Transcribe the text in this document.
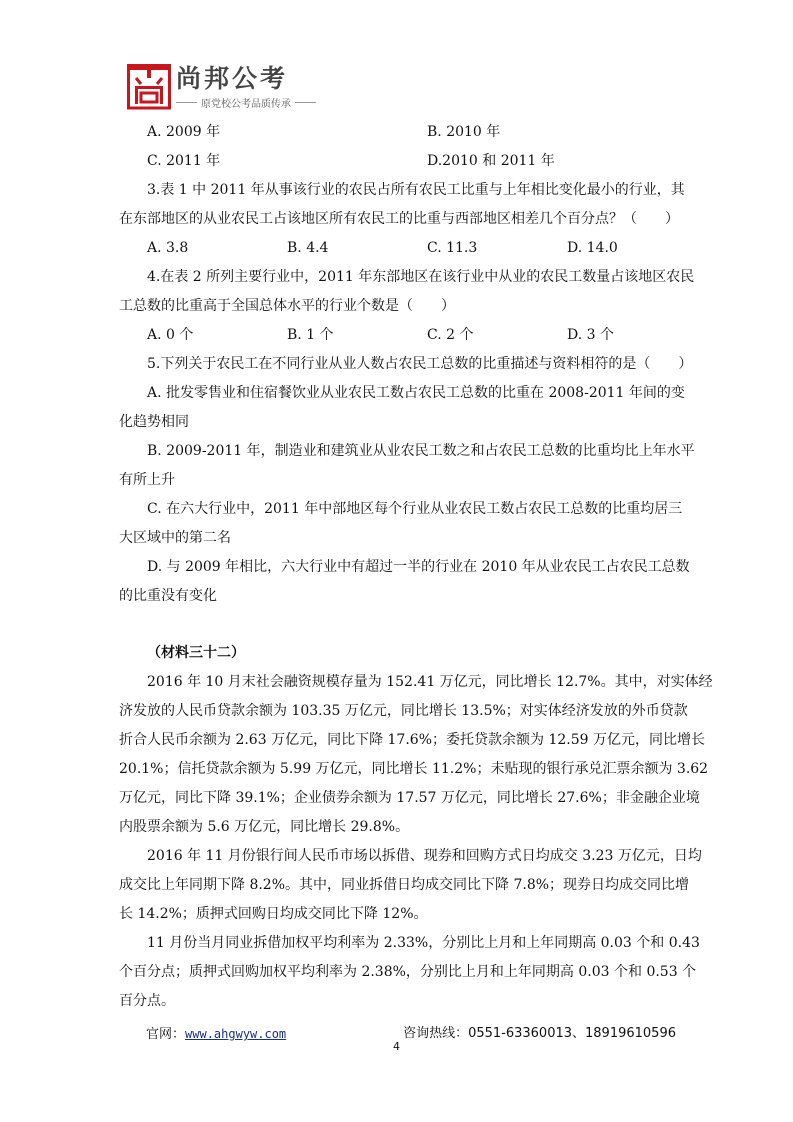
尚邦公考
原党校公考品质传承
A. 2009 年	B. 2010 年
C. 2011 年	D.2010 和 2011 年
3.表 1 中 2011 年从事该行业的农民占所有农民工比重与上年相比变化最小的行业，其
在东部地区的从业农民工占该地区所有农民工的比重与西部地区相差几个百分点？（　　）
A. 3.8	B. 4.4	C. 11.3	D. 14.0
4.在表 2 所列主要行业中，2011 年东部地区在该行业中从业的农民工数量占该地区农民
工总数的比重高于全国总体水平的行业个数是（　　）
A. 0 个	B. 1 个	C. 2 个	D. 3 个
5.下列关于农民工在不同行业从业人数占农民工总数的比重描述与资料相符的是（　　）
A. 批发零售业和住宿餐饮业从业农民工数占农民工总数的比重在 2008-2011 年间的变
化趋势相同
B. 2009-2011 年，制造业和建筑业从业农民工数之和占农民工总数的比重均比上年水平
有所上升
C. 在六大行业中，2011 年中部地区每个行业从业农民工数占农民工总数的比重均居三
大区域中的第二名
D. 与 2009 年相比，六大行业中有超过一半的行业在 2010 年从业农民工占农民工总数
的比重没有变化
（材料三十二）
2016 年 10 月末社会融资规模存量为 152.41 万亿元，同比增长 12.7%。其中，对实体经
济发放的人民币贷款余额为 103.35 万亿元，同比增长 13.5%；对实体经济发放的外币贷款
折合人民币余额为 2.63 万亿元，同比下降 17.6%；委托贷款余额为 12.59 万亿元，同比增长
20.1%；信托贷款余额为 5.99 万亿元，同比增长 11.2%；未贴现的银行承兑汇票余额为 3.62
万亿元，同比下降 39.1%；企业债券余额为 17.57 万亿元，同比增长 27.6%；非金融企业境
内股票余额为 5.6 万亿元，同比增长 29.8%。
2016 年 11 月份银行间人民币市场以拆借、现券和回购方式日均成交 3.23 万亿元，日均
成交比上年同期下降 8.2%。其中，同业拆借日均成交同比下降 7.8%；现券日均成交同比增
长 14.2%；质押式回购日均成交同比下降 12%。
11 月份当月同业拆借加权平均利率为 2.33%，分别比上月和上年同期高 0.03 个和 0.43
个百分点；质押式回购加权平均利率为 2.38%，分别比上月和上年同期高 0.03 个和 0.53 个
百分点。
官网：www.ahgwyw.com	咨询热线：0551-63360013、18919610596
4
